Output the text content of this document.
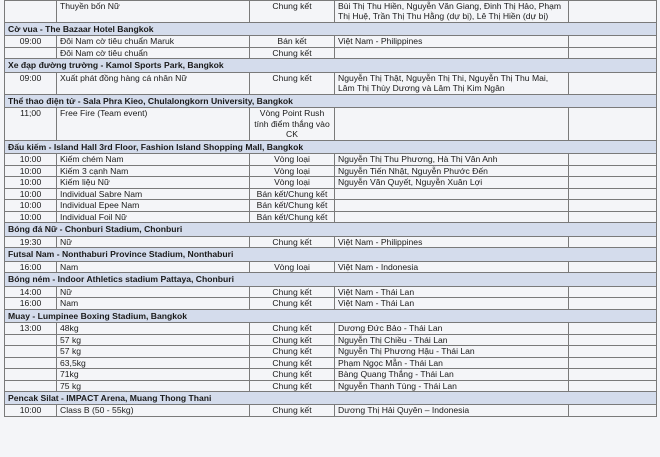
	Thuyền bốn Nữ	Chung kết	Bùi Thị Thu Hiền, Nguyễn Văn Giang, Đinh Thị Hảo, Phạm Thị Huệ, Trần Thị Thu Hằng (dự bị), Lê Thị Hiền (dự bị)	
Cờ vua - The Bazaar Hotel Bangkok				
09:00	Đôi Nam cờ tiêu chuẩn Maruk	Bán kết	Việt Nam - Philippines	
	Đôi Nam cờ tiêu chuẩn	Chung kết		
Xe đạp đường trường - Kamol Sports Park, Bangkok				
09:00	Xuất phát đồng hàng cá nhân Nữ	Chung kết	Nguyễn Thị Thật, Nguyễn Thị Thi, Nguyễn Thị Thu Mai, Lâm Thị Thùy Dương và Lâm Thị Kim Ngân	
Thể thao điện tử - Sala Phra Kieo, Chulalongkorn University, Bangkok				
11;00	Free Fire (Team event)	Vòng Point Rush tính điểm thắng vào CK		
Đấu kiếm - Island Hall 3rd Floor, Fashion Island Shopping Mall, Bangkok				
10:00	Kiếm chém Nam	Vòng loại	Nguyễn Thị Thu Phương, Hà Thị Vân Anh	
10:00	Kiếm 3 cạnh Nam	Vòng loại	Nguyễn Tiến Nhật, Nguyễn Phước Đến	
10:00	Kiếm liệu Nữ	Vòng loại	Nguyễn Văn Quyết, Nguyễn Xuân Lợi	
10:00	Individual Sabre Nam	Bán kết/Chung kết		
10:00	Individual Epee Nam	Bán kết/Chung kết		
10:00	Individual Foil Nữ	Bán kết/Chung kết		
Bóng đá Nữ - Chonburi Stadium, Chonburi				
19:30	Nữ	Chung kết	Việt Nam - Philippines	
Futsal Nam - Nonthaburi Province Stadium, Nonthaburi				
16:00	Nam	Vòng loại	Việt Nam - Indonesia	
Bóng ném - Indoor Athletics stadium Pattaya, Chonburi				
14:00	Nữ	Chung kết	Việt Nam - Thái Lan	
16:00	Nam	Chung kết	Việt Nam - Thái Lan	
Muay - Lumpinee Boxing Stadium, Bangkok				
13:00	48kg	Chung kết	Dương Đức Bảo - Thái Lan	
	57 kg	Chung kết	Nguyễn Thị Chiều - Thái Lan	
	57 kg	Chung kết	Nguyễn Thị Phương Hậu - Thái Lan	
	63,5kg	Chung kết	Phạm Ngọc Mẫn - Thái Lan	
	71kg	Chung kết	Bàng Quang Thắng - Thái Lan	
	75 kg	Chung kết	Nguyễn Thanh Tùng - Thái Lan	
Pencak Silat - IMPACT Arena, Muang Thong Thani				
10:00	Class B (50 - 55kg)	Chung kết	Dương Thị Hải Quyên – Indonesia	
